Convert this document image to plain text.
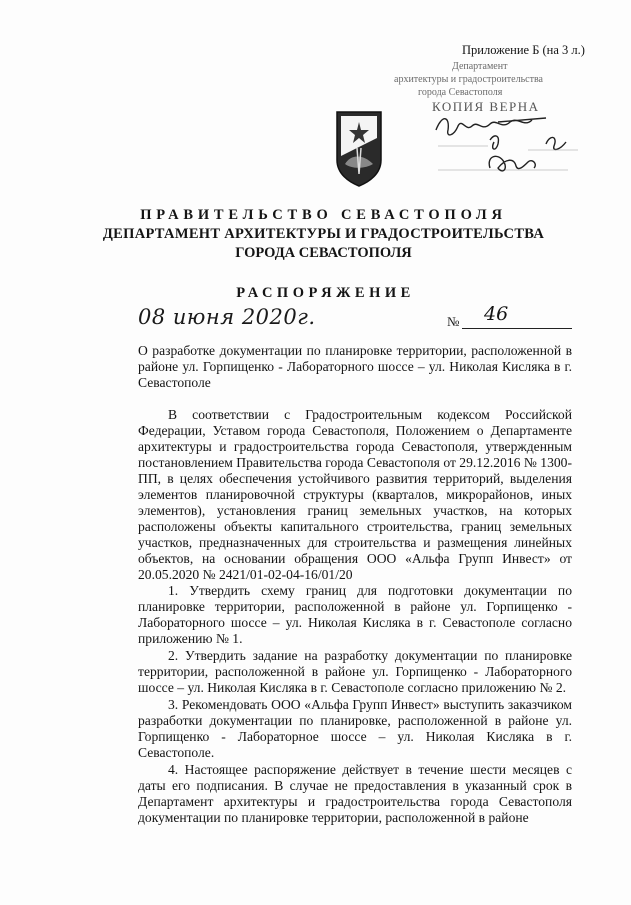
Приложение Б (на 3 л.)
Департамент
архитектуры и градостроительства
города Севастополя
КОПИЯ ВЕРНА
ПРАВИТЕЛЬСТВО СЕВАСТОПОЛЯ
ДЕПАРТАМЕНТ АРХИТЕКТУРЫ И ГРАДОСТРОИТЕЛЬСТВА
ГОРОДА СЕВАСТОПОЛЯ
РАСПОРЯЖЕНИЕ
08 июня 2020г.	№ 46
О разработке документации по планировке территории, расположенной в районе ул. Горпищенко - Лабораторного шоссе – ул. Николая Кисляка в г. Севастополе
В соответствии с Градостроительным кодексом Российской Федерации, Уставом города Севастополя, Положением о Департаменте архитектуры и градостроительства города Севастополя, утвержденным постановлением Правительства города Севастополя от 29.12.2016 № 1300-ПП, в целях обеспечения устойчивого развития территорий, выделения элементов планировочной структуры (кварталов, микрорайонов, иных элементов), установления границ земельных участков, на которых расположены объекты капитального строительства, границ земельных участков, предназначенных для строительства и размещения линейных объектов, на основании обращения ООО «Альфа Групп Инвест» от 20.05.2020 № 2421/01-02-04-16/01/20

1. Утвердить схему границ для подготовки документации по планировке территории, расположенной в районе ул. Горпищенко - Лабораторного шоссе – ул. Николая Кисляка в г. Севастополе согласно приложению № 1.

2. Утвердить задание на разработку документации по планировке территории, расположенной в районе ул. Горпищенко - Лабораторного шоссе – ул. Николая Кисляка в г. Севастополе согласно приложению № 2.

3. Рекомендовать ООО «Альфа Групп Инвест» выступить заказчиком разработки документации по планировке, расположенной в районе ул. Горпищенко - Лабораторное шоссе – ул. Николая Кисляка в г. Севастополе.

4. Настоящее распоряжение действует в течение шести месяцев с даты его подписания. В случае не предоставления в указанный срок в Департамент архитектуры и градостроительства города Севастополя документации по планировке территории, расположенной в районе
